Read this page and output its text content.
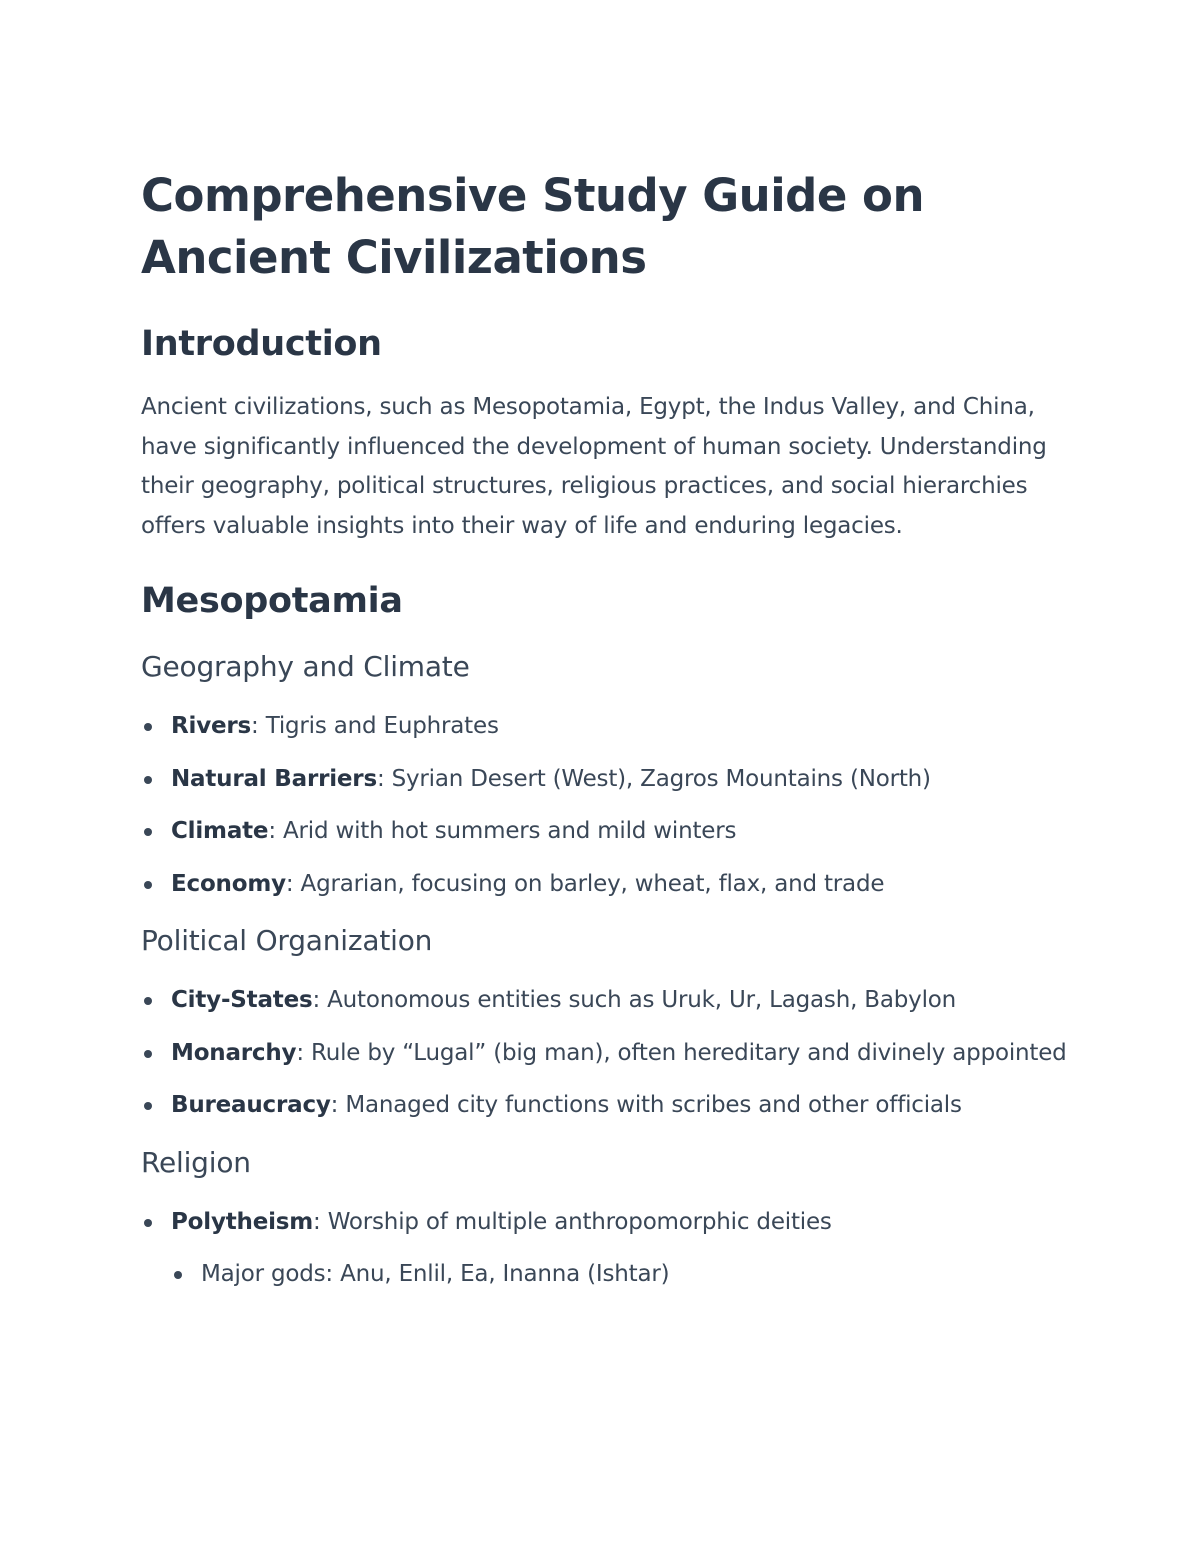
Comprehensive Study Guide on Ancient Civilizations
Introduction

Ancient civilizations, such as Mesopotamia, Egypt, the Indus Valley, and China, have significantly influenced the development of human society. Understanding their geography, political structures, religious practices, and social hierarchies offers valuable insights into their way of life and enduring legacies.

Mesopotamia
Geography and Climate
Rivers: Tigris and Euphrates
Natural Barriers: Syrian Desert (West), Zagros Mountains (North)
Climate: Arid with hot summers and mild winters
Economy: Agrarian, focusing on barley, wheat, flax, and trade
Political Organization
City-States: Autonomous entities such as Uruk, Ur, Lagash, Babylon
Monarchy: Rule by “Lugal” (big man), often hereditary and divinely appointed
Bureaucracy: Managed city functions with scribes and other officials
Religion
Polytheism: Worship of multiple anthropomorphic deities
Major gods: Anu, Enlil, Ea, Inanna (Ishtar)
